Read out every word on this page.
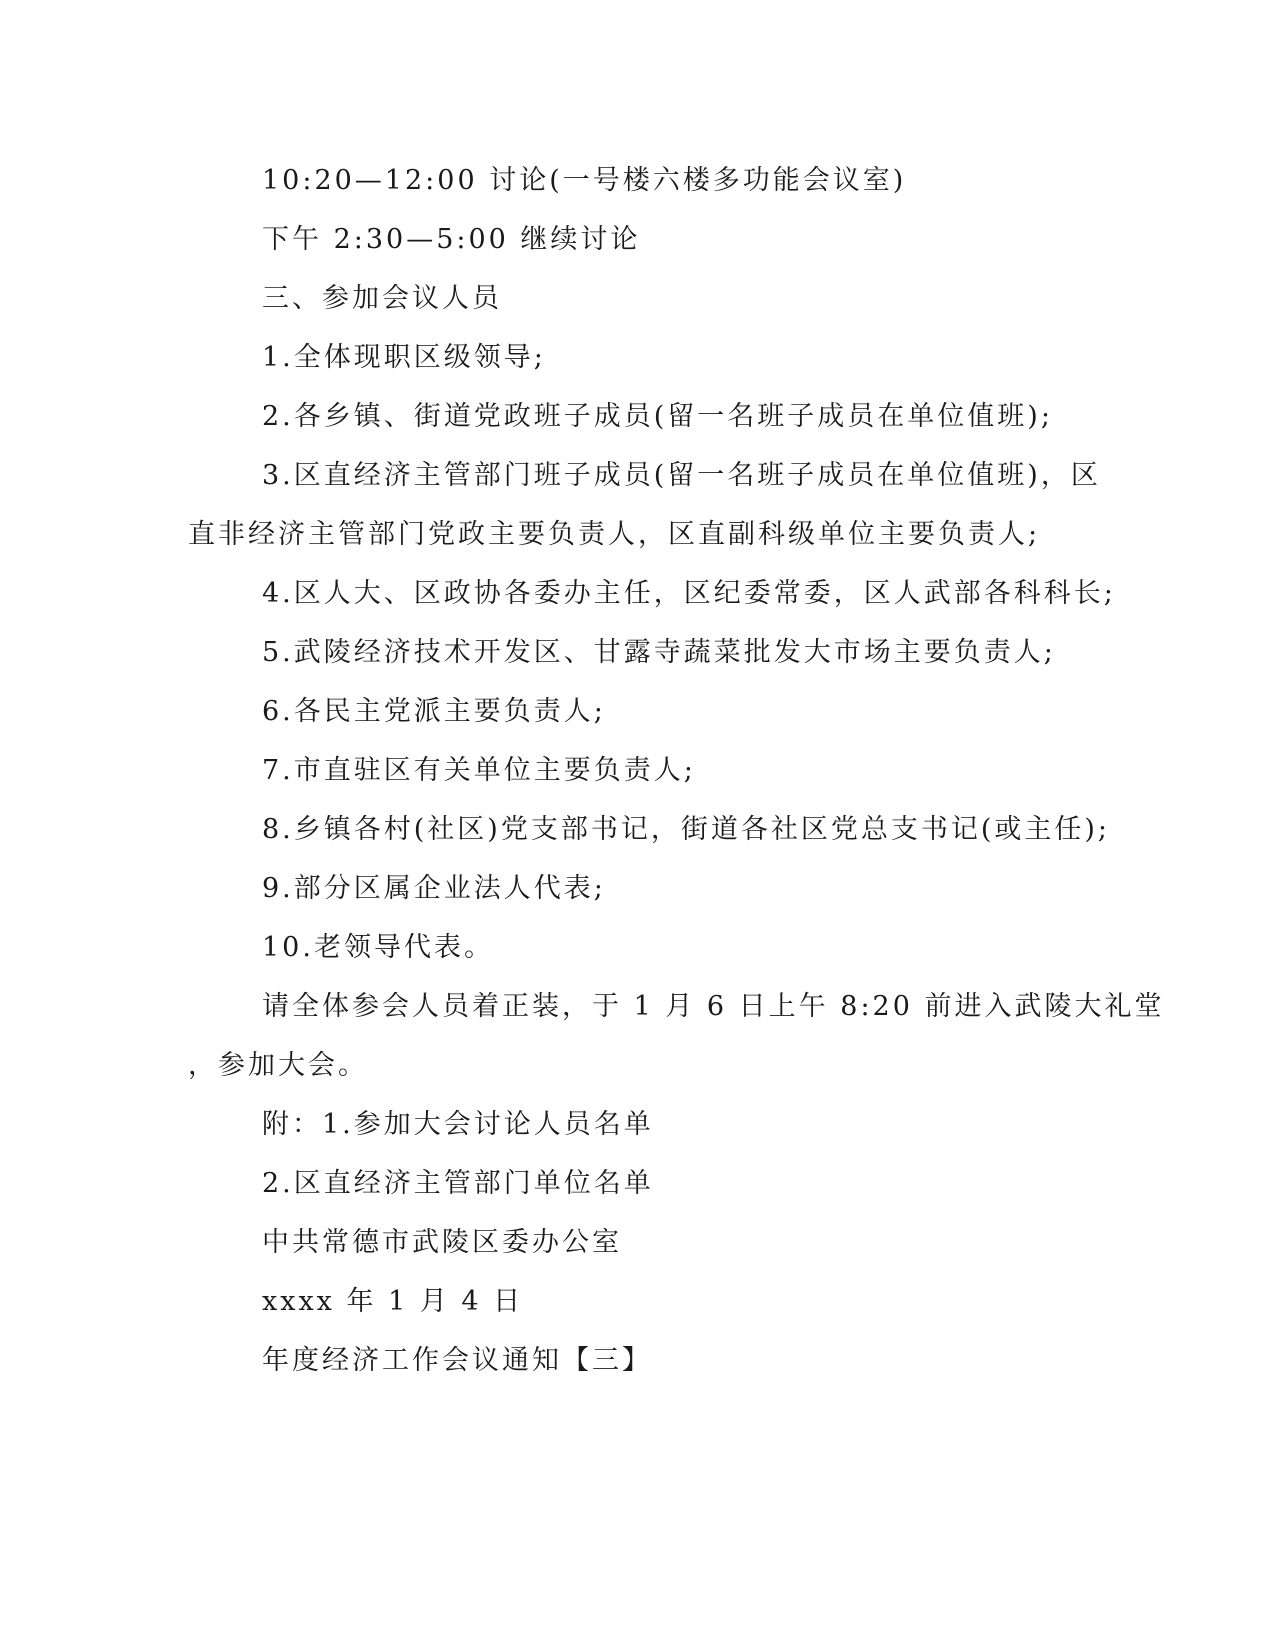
10:20—12:00 讨论(一号楼六楼多功能会议室)
下午 2:30—5:00 继续讨论
三、参加会议人员
1.全体现职区级领导;
2.各乡镇、街道党政班子成员(留一名班子成员在单位值班);
3.区直经济主管部门班子成员(留一名班子成员在单位值班)，区
直非经济主管部门党政主要负责人，区直副科级单位主要负责人;
4.区人大、区政协各委办主任，区纪委常委，区人武部各科科长;
5.武陵经济技术开发区、甘露寺蔬菜批发大市场主要负责人;
6.各民主党派主要负责人;
7.市直驻区有关单位主要负责人;
8.乡镇各村(社区)党支部书记，街道各社区党总支书记(或主任);
9.部分区属企业法人代表;
10.老领导代表。
请全体参会人员着正装，于 1 月 6 日上午 8:20 前进入武陵大礼堂
，参加大会。
附：1.参加大会讨论人员名单
2.区直经济主管部门单位名单
中共常德市武陵区委办公室
xxxx 年 1 月 4 日
年度经济工作会议通知【三】
